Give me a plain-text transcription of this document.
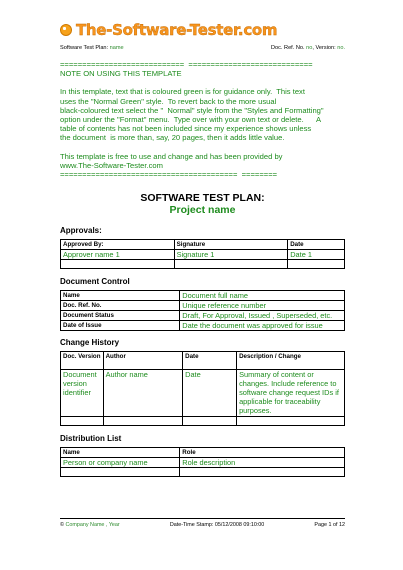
The-Software-Tester.com
Software Test Plan: name	Doc. Ref. No. no, Version: no.

============================  ============================

NOTE ON USING THIS TEMPLATE

In this template, text that is coloured green is for guidance only.  This text

uses the "Normal Green" style.  To revert back to the more usual

black-coloured text select the "  Normal" style from the "Styles and Formatting"

option under the "Format" menu.  Type over with your own text or delete.      A

table of contents has not been included since my experience shows unless

the document  is more than, say, 20 pages, then it adds little value.

This template is free to use and change and has been provided by

www.The-Software-Tester.com

========================================  ========

SOFTWARE TEST PLAN:
Project name
Approvals:
Approved By:	Signature	Date
Approver name 1	Signature 1	Date 1

Document Control
Name	Document full name
Doc. Ref. No.	Unique reference number
Document Status	Draft, For Approval, Issued , Superseded, etc.
Date of Issue	Date the document was approved for issue
Change History
Doc. Version	Author	Date	Description / Change
Document version identifier	Author name	Date	Summary of content or changes. Include reference to software change request IDs if applicable for traceability purposes.

Distribution List
Name	Role
Person or company name	Role description

© Company Name , Year	Date-Time Stamp: 05/12/2008 09:10:00	Page 1 of 12
